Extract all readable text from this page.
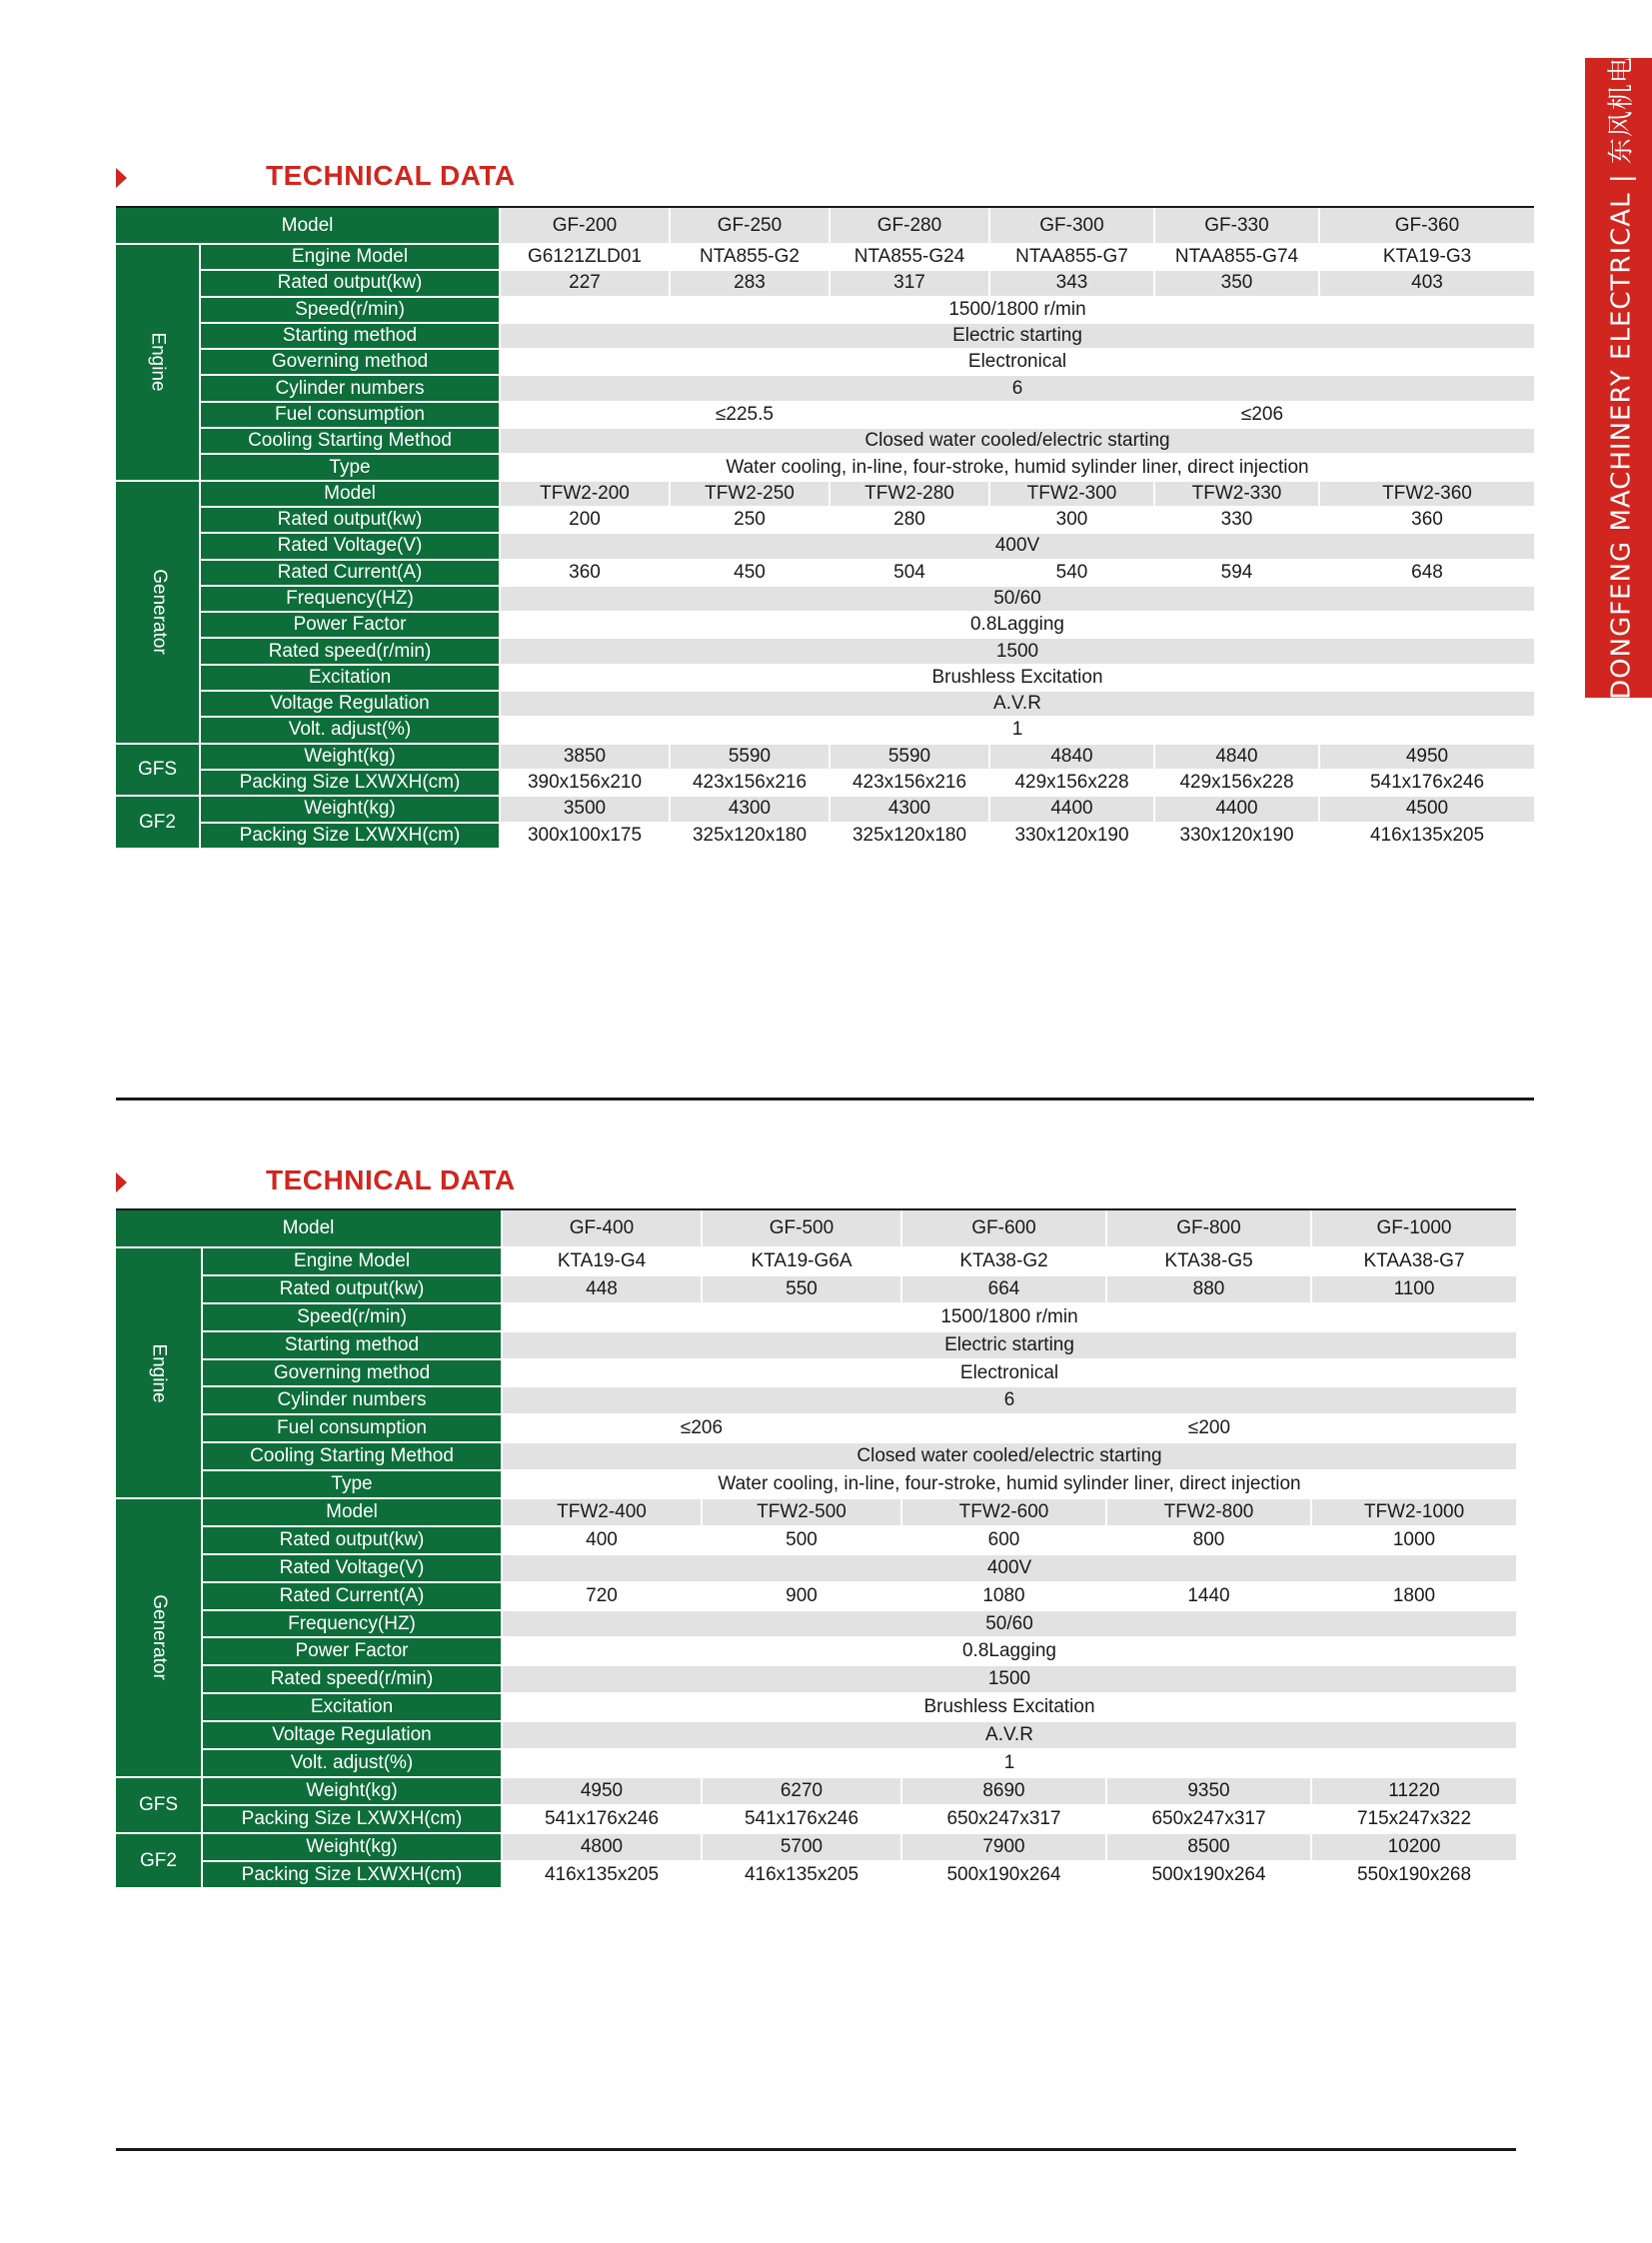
DONGFENG MACHINERY ELECTRICAL | 东风机电
TECHNICAL DATA
Model		GF-200	GF-250	GF-280	GF-300	GF-330	GF-360
Engine	Engine Model	G6121ZLD01	NTA855-G2	NTA855-G24	NTAA855-G7	NTAA855-G74	KTA19-G3
	Rated output(kw)	227	283	317	343	350	403
	Speed(r/min)	1500/1800 r/min					
	Starting method	Electric starting					
	Governing method	Electronical					
	Cylinder numbers	6					
	Fuel consumption	≤225.5			≤206		
	Cooling Starting Method	Closed water cooled/electric starting					
	Type	Water cooling, in-line, four-stroke, humid sylinder liner, direct injection					
Generator	Model	TFW2-200	TFW2-250	TFW2-280	TFW2-300	TFW2-330	TFW2-360
	Rated output(kw)	200	250	280	300	330	360
	Rated Voltage(V)	400V					
	Rated Current(A)	360	450	504	540	594	648
	Frequency(HZ)	50/60					
	Power Factor	0.8Lagging					
	Rated speed(r/min)	1500					
	Excitation	Brushless Excitation					
	Voltage Regulation	A.V.R					
	Volt. adjust(%)	1					
GFS	Weight(kg)	3850	5590	5590	4840	4840	4950
	Packing Size LXWXH(cm)	390x156x210	423x156x216	423x156x216	429x156x228	429x156x228	541x176x246
GF2	Weight(kg)	3500	4300	4300	4400	4400	4500
	Packing Size LXWXH(cm)	300x100x175	325x120x180	325x120x180	330x120x190	330x120x190	416x135x205
TECHNICAL DATA
Model		GF-400	GF-500	GF-600	GF-800	GF-1000
Engine	Engine Model	KTA19-G4	KTA19-G6A	KTA38-G2	KTA38-G5	KTAA38-G7
	Rated output(kw)	448	550	664	880	1100
	Speed(r/min)	1500/1800 r/min				
	Starting method	Electric starting				
	Governing method	Electronical				
	Cylinder numbers	6				
	Fuel consumption	≤206		≤200		
	Cooling Starting Method	Closed water cooled/electric starting				
	Type	Water cooling, in-line, four-stroke, humid sylinder liner, direct injection				
Generator	Model	TFW2-400	TFW2-500	TFW2-600	TFW2-800	TFW2-1000
	Rated output(kw)	400	500	600	800	1000
	Rated Voltage(V)	400V				
	Rated Current(A)	720	900	1080	1440	1800
	Frequency(HZ)	50/60				
	Power Factor	0.8Lagging				
	Rated speed(r/min)	1500				
	Excitation	Brushless Excitation				
	Voltage Regulation	A.V.R				
	Volt. adjust(%)	1				
GFS	Weight(kg)	4950	6270	8690	9350	11220
	Packing Size LXWXH(cm)	541x176x246	541x176x246	650x247x317	650x247x317	715x247x322
GF2	Weight(kg)	4800	5700	7900	8500	10200
	Packing Size LXWXH(cm)	416x135x205	416x135x205	500x190x264	500x190x264	550x190x268
